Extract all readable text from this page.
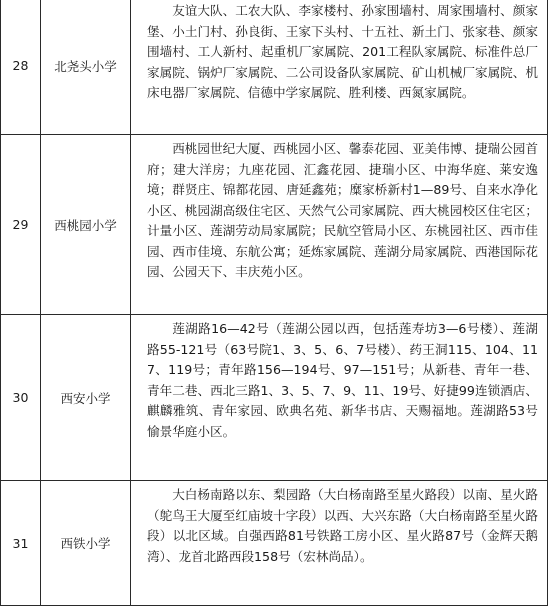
28	北尧头小学	友谊大队、工农大队、李家楼村、孙家围墙村、周家围墙村、颜家堡、小土门村、孙良街、王家下头村、十五社、新土门、张家巷、颜家围墙村、工人新村、起重机厂家属院、201工程队家属院、标准件总厂家属院、锅炉厂家属院、二公司设备队家属院、矿山机械厂家属院、机床电器厂家属院、信德中学家属院、胜利楼、西氮家属院。

29	西桃园小学	西桃园世纪大厦、西桃园小区、馨泰花园、亚美伟博、捷瑞公园首府；建大洋房；九座花园、汇鑫花园、捷瑞小区、中海华庭、莱安逸境；群贤庄、锦都花园、唐延鑫苑；糜家桥新村1—89号、自来水净化小区、桃园湖高级住宅区、天然气公司家属院、西大桃园校区住宅区；计量小区、莲湖劳动局家属院；民航空管局小区、东桃园社区、西市佳园、西市佳境、东航公寓；延炼家属院、莲湖分局家属院、西港国际花园、公园天下、丰庆苑小区。

30	西安小学	莲湖路16—42号（莲湖公园以西，包括莲寿坊3—6号楼）、莲湖路55-121号（63号院1、3、5、6、7号楼）、药王洞115、104、117、119号；青年路156—194号、97—151号；从新巷、青年一巷、青年二巷、西北三路1、3、5、7、9、11、19号、好捷99连锁酒店、麒麟雅筑、青年家园、欧典名苑、新华书店、天赐福地。莲湖路53号愉景华庭小区。

31	西铁小学	大白杨南路以东、梨园路（大白杨南路至星火路段）以南、星火路（鸵鸟王大厦至红庙坡十字段）以西、大兴东路（大白杨南路至星火路段）以北区域。自强西路81号铁路工房小区、星火路87号（金辉天鹅湾）、龙首北路西段158号（宏林尚品）。
